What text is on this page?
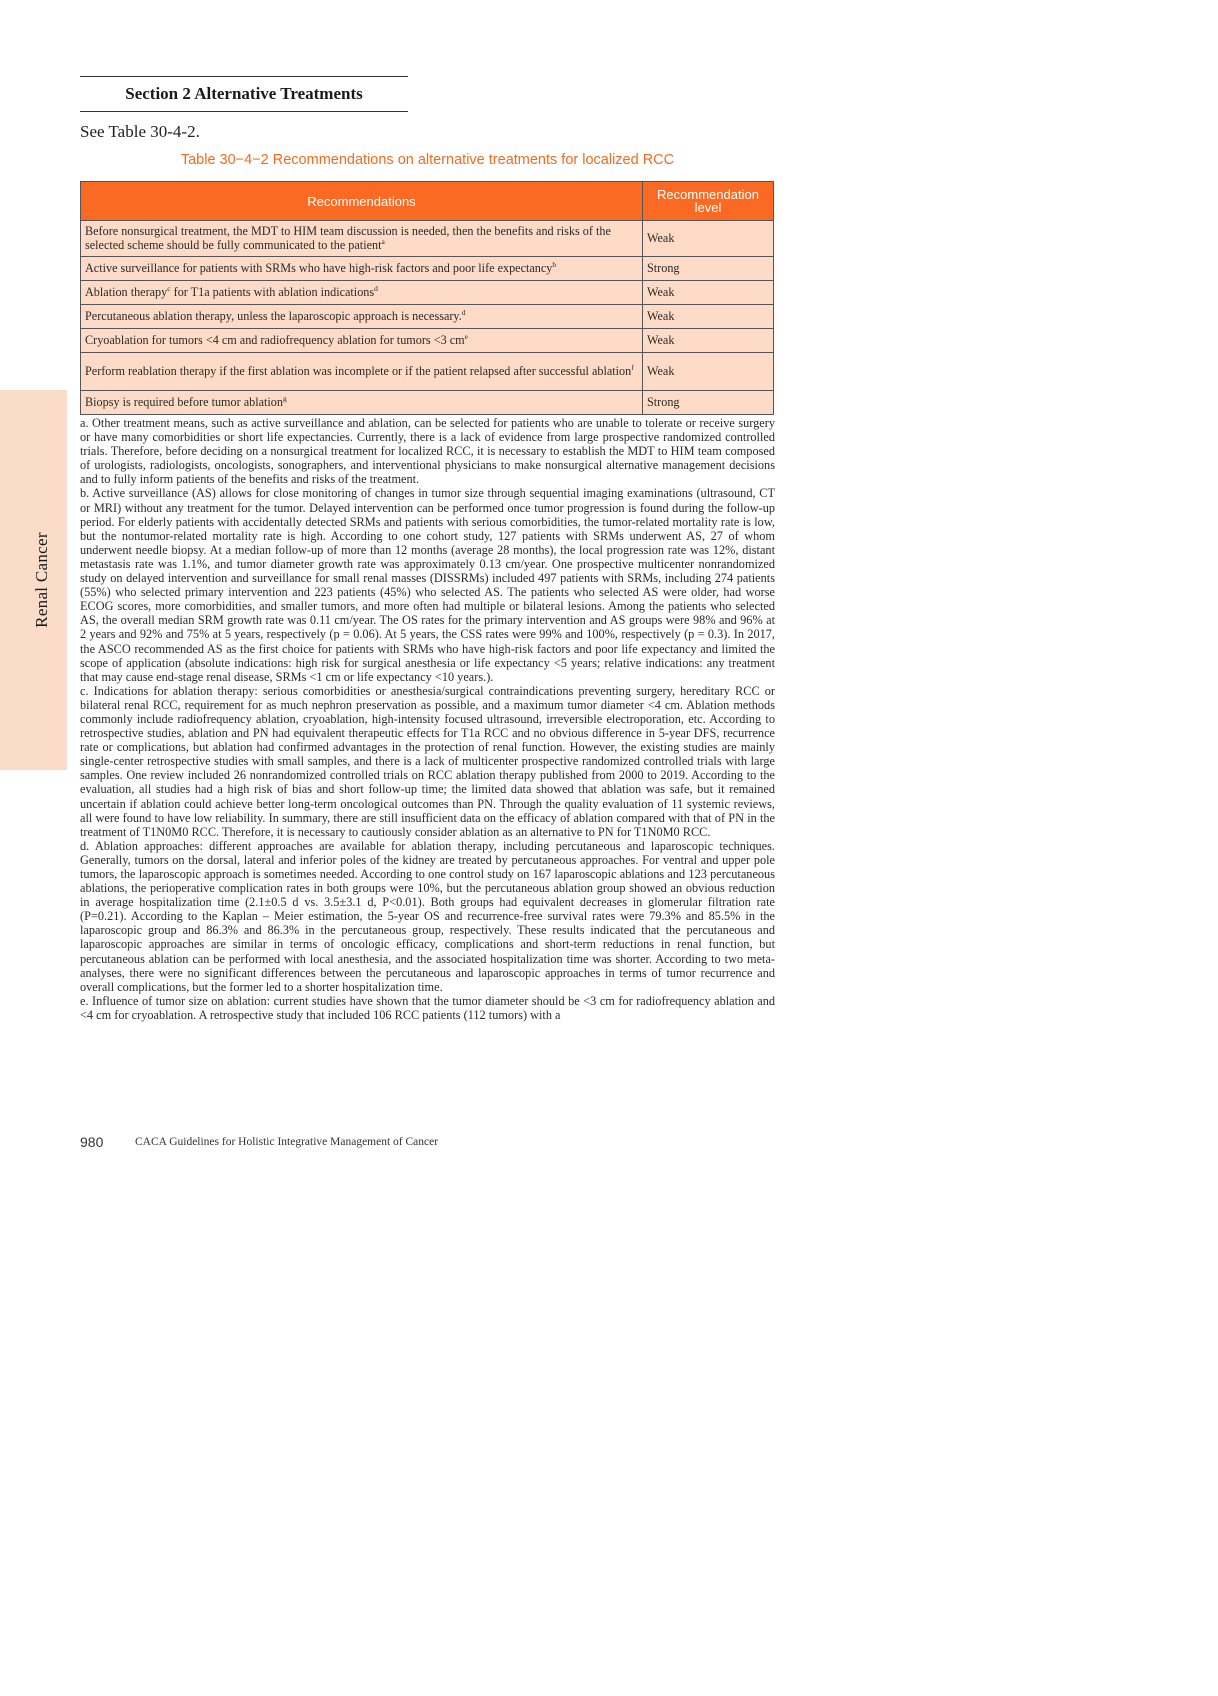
Renal Cancer
Section 2 Alternative Treatments
See Table 30-4-2.
Table 30−4−2 Recommendations on alternative treatments for localized RCC
Recommendations	Recommendation level
Before nonsurgical treatment, the MDT to HIM team discussion is needed, then the benefits and risks of the selected scheme should be fully communicated to the patient$^a$	Weak
Active surveillance for patients with SRMs who have high-risk factors and poor life expectancy$^b$	Strong
Ablation therapy$^c$ for T1a patients with ablation indications$^d$	Weak
Percutaneous ablation therapy, unless the laparoscopic approach is necessary.$^d$	Weak
Cryoablation for tumors <4 cm and radiofrequency ablation for tumors <3 $cm^e$	Weak
Perform reablation therapy if the first ablation was incomplete or if the patient relapsed after successful ablation$^f$	Weak
Biopsy is required before tumor ablation$^g$	Strong

a. Other treatment means, such as active surveillance and ablation, can be selected for patients who are unable to tolerate or receive surgery or have many comorbidities or short life expectancies. Currently, there is a lack of evidence from large prospective randomized controlled trials. Therefore, before deciding on a nonsurgical treatment for localized RCC, it is necessary to establish the MDT to HIM team composed of urologists, radiologists, oncologists, sonographers, and interventional physicians to make nonsurgical alternative management decisions and to fully inform patients of the benefits and risks of the treatment.

b. Active surveillance (AS) allows for close monitoring of changes in tumor size through sequential imaging examinations (ultrasound, CT or MRI) without any treatment for the tumor. Delayed intervention can be performed once tumor progression is found during the follow-up period. For elderly patients with accidentally detected SRMs and patients with serious comorbidities, the tumor-related mortality rate is low, but the nontumor-related mortality rate is high. According to one cohort study, 127 patients with SRMs underwent AS, 27 of whom underwent needle biopsy. At a median follow-up of more than 12 months (average 28 months), the local progression rate was 12%, distant metastasis rate was 1.1%, and tumor diameter growth rate was approximately 0.13 cm/year. One prospective multicenter nonrandomized study on delayed intervention and surveillance for small renal masses (DISSRMs) included 497 patients with SRMs, including 274 patients (55%) who selected primary intervention and 223 patients (45%) who selected AS. The patients who selected AS were older, had worse ECOG scores, more comorbidities, and smaller tumors, and more often had multiple or bilateral lesions. Among the patients who selected AS, the overall median SRM growth rate was 0.11 cm/year. The OS rates for the primary intervention and AS groups were 98% and 96% at 2 years and 92% and 75% at 5 years, respectively (p = 0.06). At 5 years, the CSS rates were 99% and 100%, respectively (p = 0.3). In 2017, the ASCO recommended AS as the first choice for patients with SRMs who have high-risk factors and poor life expectancy and limited the scope of application (absolute indications: high risk for surgical anesthesia or life expectancy <5 years; relative indications: any treatment that may cause end-stage renal disease, SRMs <1 cm or life expectancy <10 years.).

c. Indications for ablation therapy: serious comorbidities or anesthesia/surgical contraindications preventing surgery, hereditary RCC or bilateral renal RCC, requirement for as much nephron preservation as possible, and a maximum tumor diameter <4 cm. Ablation methods commonly include radiofrequency ablation, cryoablation, high-intensity focused ultrasound, irreversible electroporation, etc. According to retrospective studies, ablation and PN had equivalent therapeutic effects for T1a RCC and no obvious difference in 5-year DFS, recurrence rate or complications, but ablation had confirmed advantages in the protection of renal function. However, the existing studies are mainly single-center retrospective studies with small samples, and there is a lack of multicenter prospective randomized controlled trials with large samples. One review included 26 nonrandomized controlled trials on RCC ablation therapy published from 2000 to 2019. According to the evaluation, all studies had a high risk of bias and short follow-up time; the limited data showed that ablation was safe, but it remained uncertain if ablation could achieve better long-term oncological outcomes than PN. Through the quality evaluation of 11 systemic reviews, all were found to have low reliability. In summary, there are still insufficient data on the efficacy of ablation compared with that of PN in the treatment of T1N0M0 RCC. Therefore, it is necessary to cautiously consider ablation as an alternative to PN for T1N0M0 RCC.

d. Ablation approaches: different approaches are available for ablation therapy, including percutaneous and laparoscopic techniques. Generally, tumors on the dorsal, lateral and inferior poles of the kidney are treated by percutaneous approaches. For ventral and upper pole tumors, the laparoscopic approach is sometimes needed. According to one control study on 167 laparoscopic ablations and 123 percutaneous ablations, the perioperative complication rates in both groups were 10%, but the percutaneous ablation group showed an obvious reduction in average hospitalization time (2.1±0.5 d vs. 3.5±3.1 d, P<0.01). Both groups had equivalent decreases in glomerular filtration rate (P=0.21). According to the Kaplan – Meier estimation, the 5-year OS and recurrence-free survival rates were 79.3% and 85.5% in the laparoscopic group and 86.3% and 86.3% in the percutaneous group, respectively. These results indicated that the percutaneous and laparoscopic approaches are similar in terms of oncologic efficacy, complications and short-term reductions in renal function, but percutaneous ablation can be performed with local anesthesia, and the associated hospitalization time was shorter. According to two meta-analyses, there were no significant differences between the percutaneous and laparoscopic approaches in terms of tumor recurrence and overall complications, but the former led to a shorter hospitalization time.

e. Influence of tumor size on ablation: current studies have shown that the tumor diameter should be <3 cm for radiofrequency ablation and <4 cm for cryoablation. A retrospective study that included 106 RCC patients (112 tumors) with a

980	CACA Guidelines for Holistic Integrative Management of Cancer
